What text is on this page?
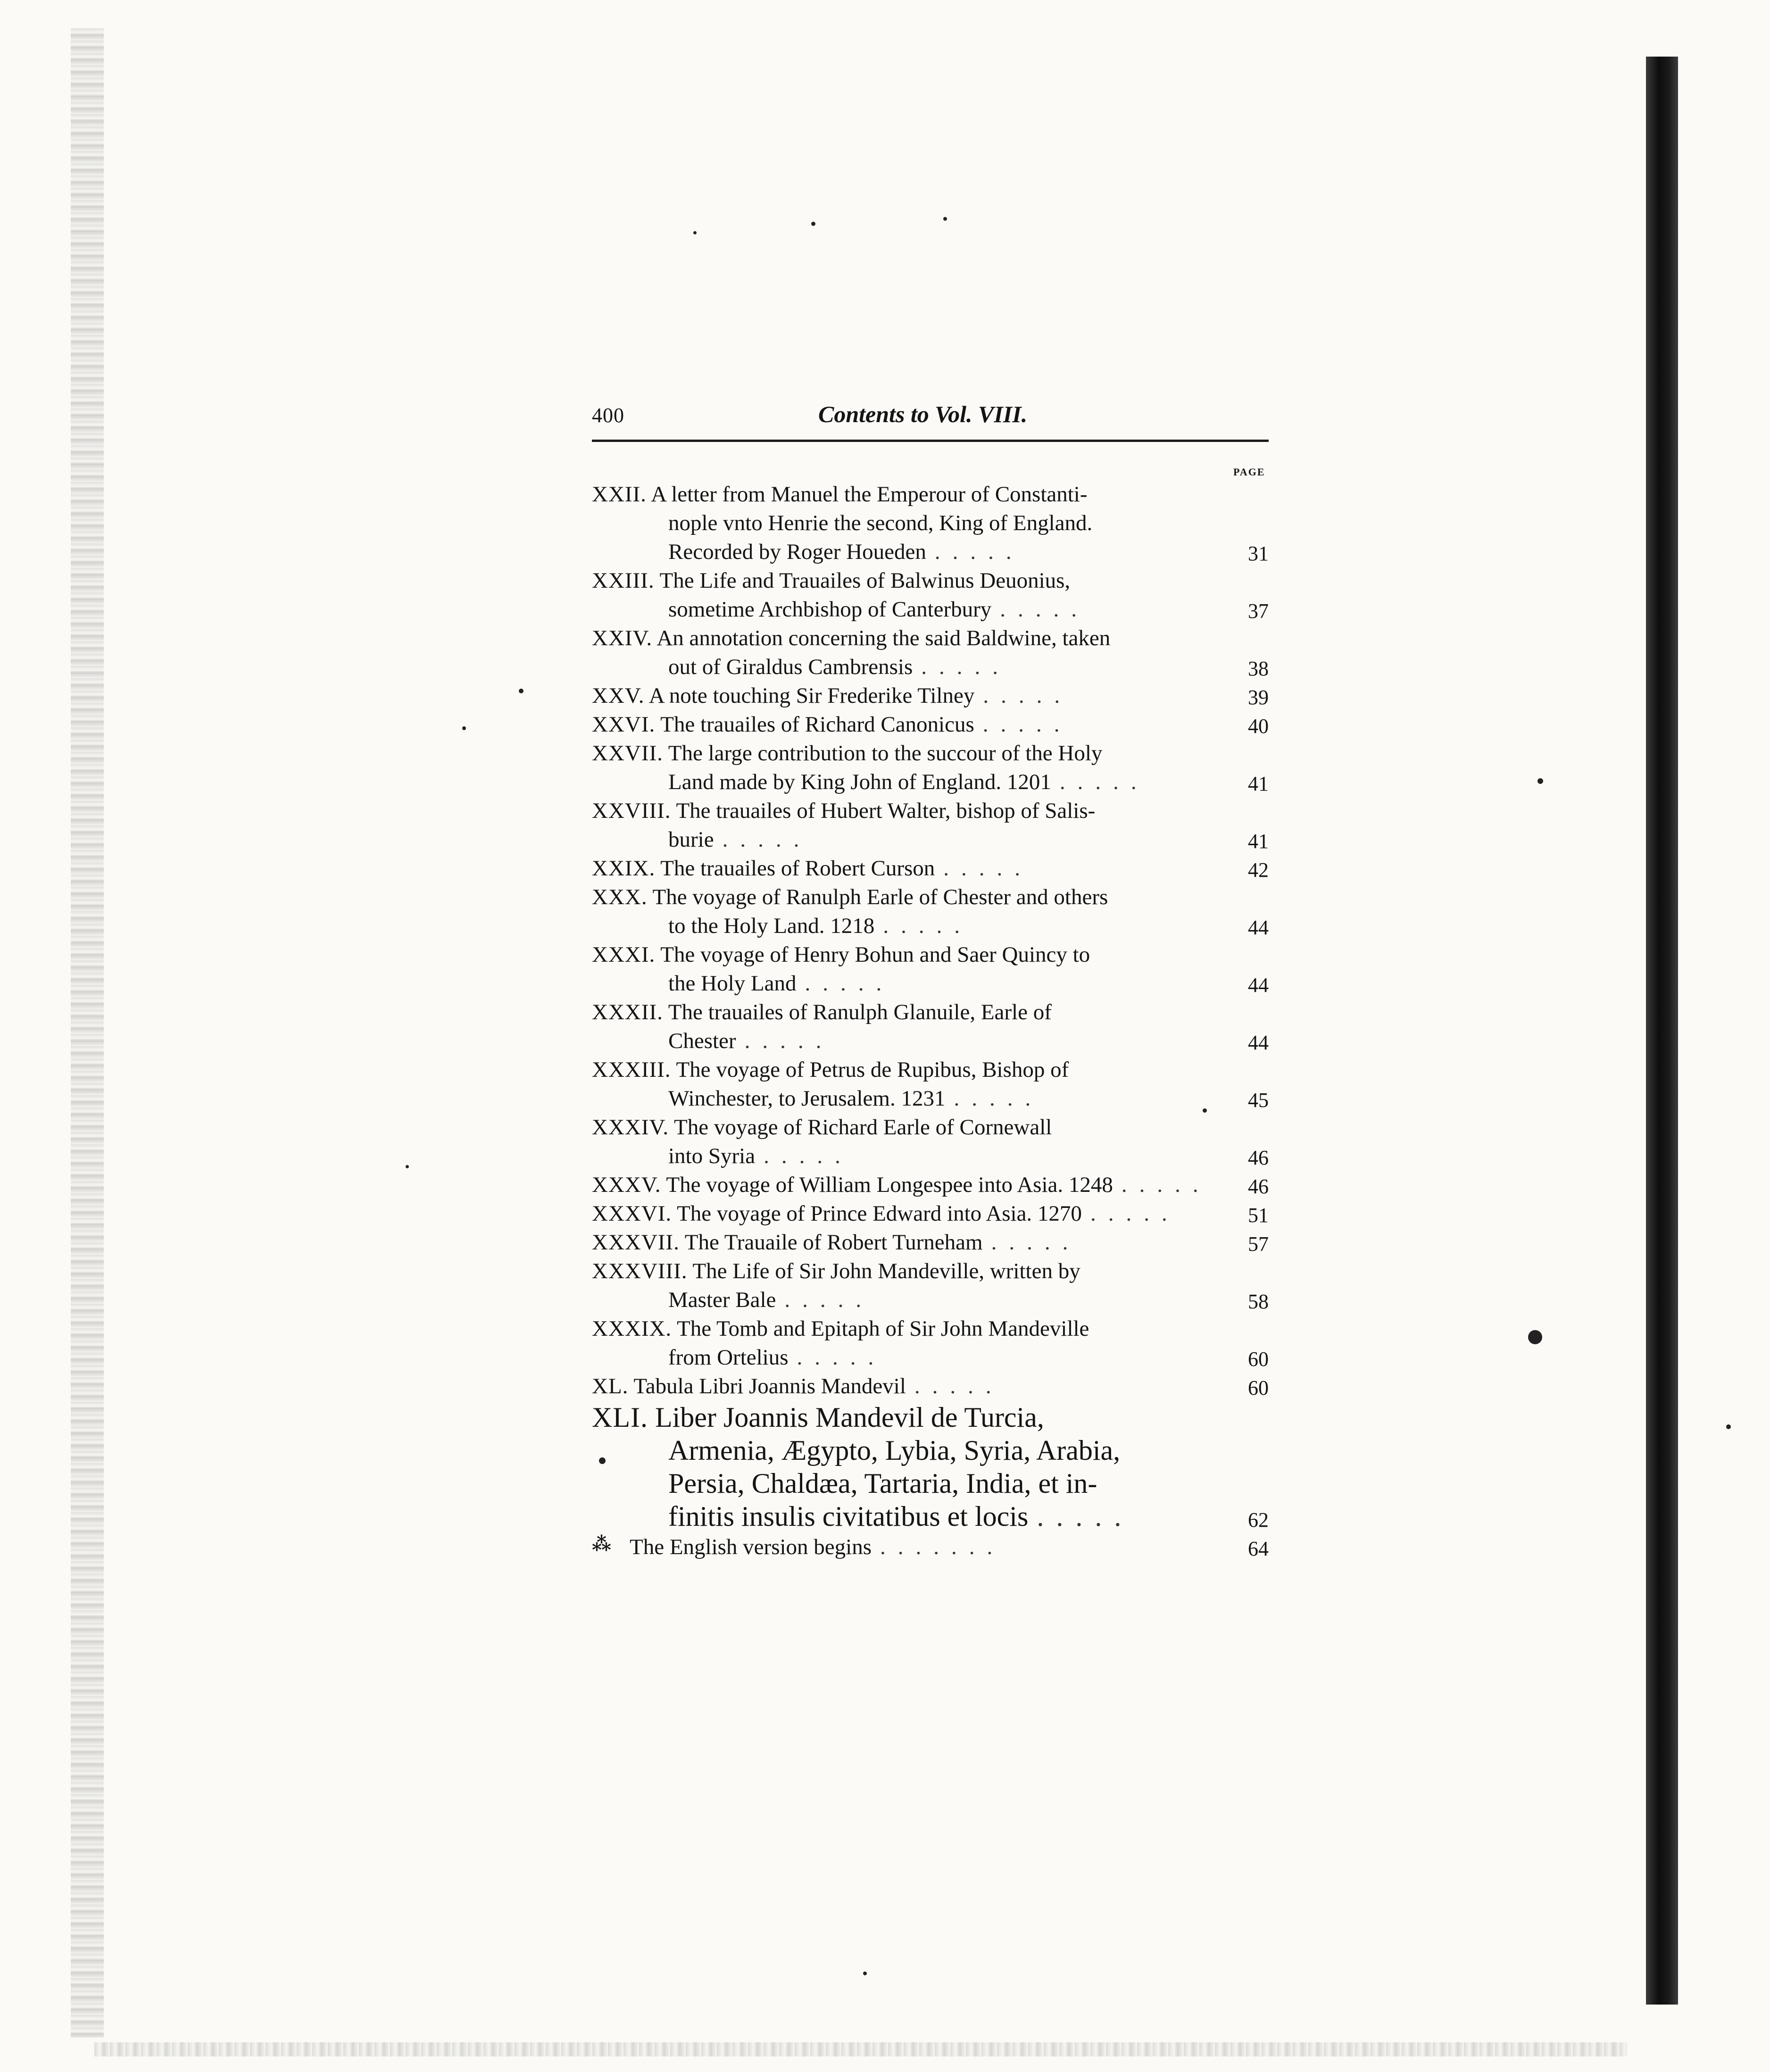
400	Contents to Vol. VIII.
PAGE
XXII. A letter from Manuel the Emperour of Constanti-
nople vnto Henrie the second, King of England.
Recorded by Roger Houeden .....	31
XXIII. The Life and Trauailes of Balwinus Deuonius,
sometime Archbishop of Canterbury .....	37
XXIV. An annotation concerning the said Baldwine, taken
out of Giraldus Cambrensis .....	38
XXV. A note touching Sir Frederike Tilney .....	39
XXVI. The trauailes of Richard Canonicus .....	40
XXVII. The large contribution to the succour of the Holy
Land made by King John of England. 1201 .....	41
XXVIII. The trauailes of Hubert Walter, bishop of Salis-
burie .....	41
XXIX. The trauailes of Robert Curson .....	42
XXX. The voyage of Ranulph Earle of Chester and others
to the Holy Land. 1218 .....	44
XXXI. The voyage of Henry Bohun and Saer Quincy to
the Holy Land .....	44
XXXII. The trauailes of Ranulph Glanuile, Earle of
Chester .....	44
XXXIII. The voyage of Petrus de Rupibus, Bishop of
Winchester, to Jerusalem. 1231 .....	45
XXXIV. The voyage of Richard Earle of Cornewall
into Syria .....	46
XXXV. The voyage of William Longespee into Asia. 1248 .....	46
XXXVI. The voyage of Prince Edward into Asia. 1270 .....	51
XXXVII. The Trauaile of Robert Turneham .....	57
XXXVIII. The Life of Sir John Mandeville, written by
Master Bale .....	58
XXXIX. The Tomb and Epitaph of Sir John Mandeville
from Ortelius .....	60
XL. Tabula Libri Joannis Mandevil .....	60
XLI. Liber Joannis Mandevil de Turcia,
Armenia, Ægypto, Lybia, Syria, Arabia,
Persia, Chaldæa, Tartaria, India, et in-
finitis insulis civitatibus et locis .....	62
⁂ The English version begins .......	64
